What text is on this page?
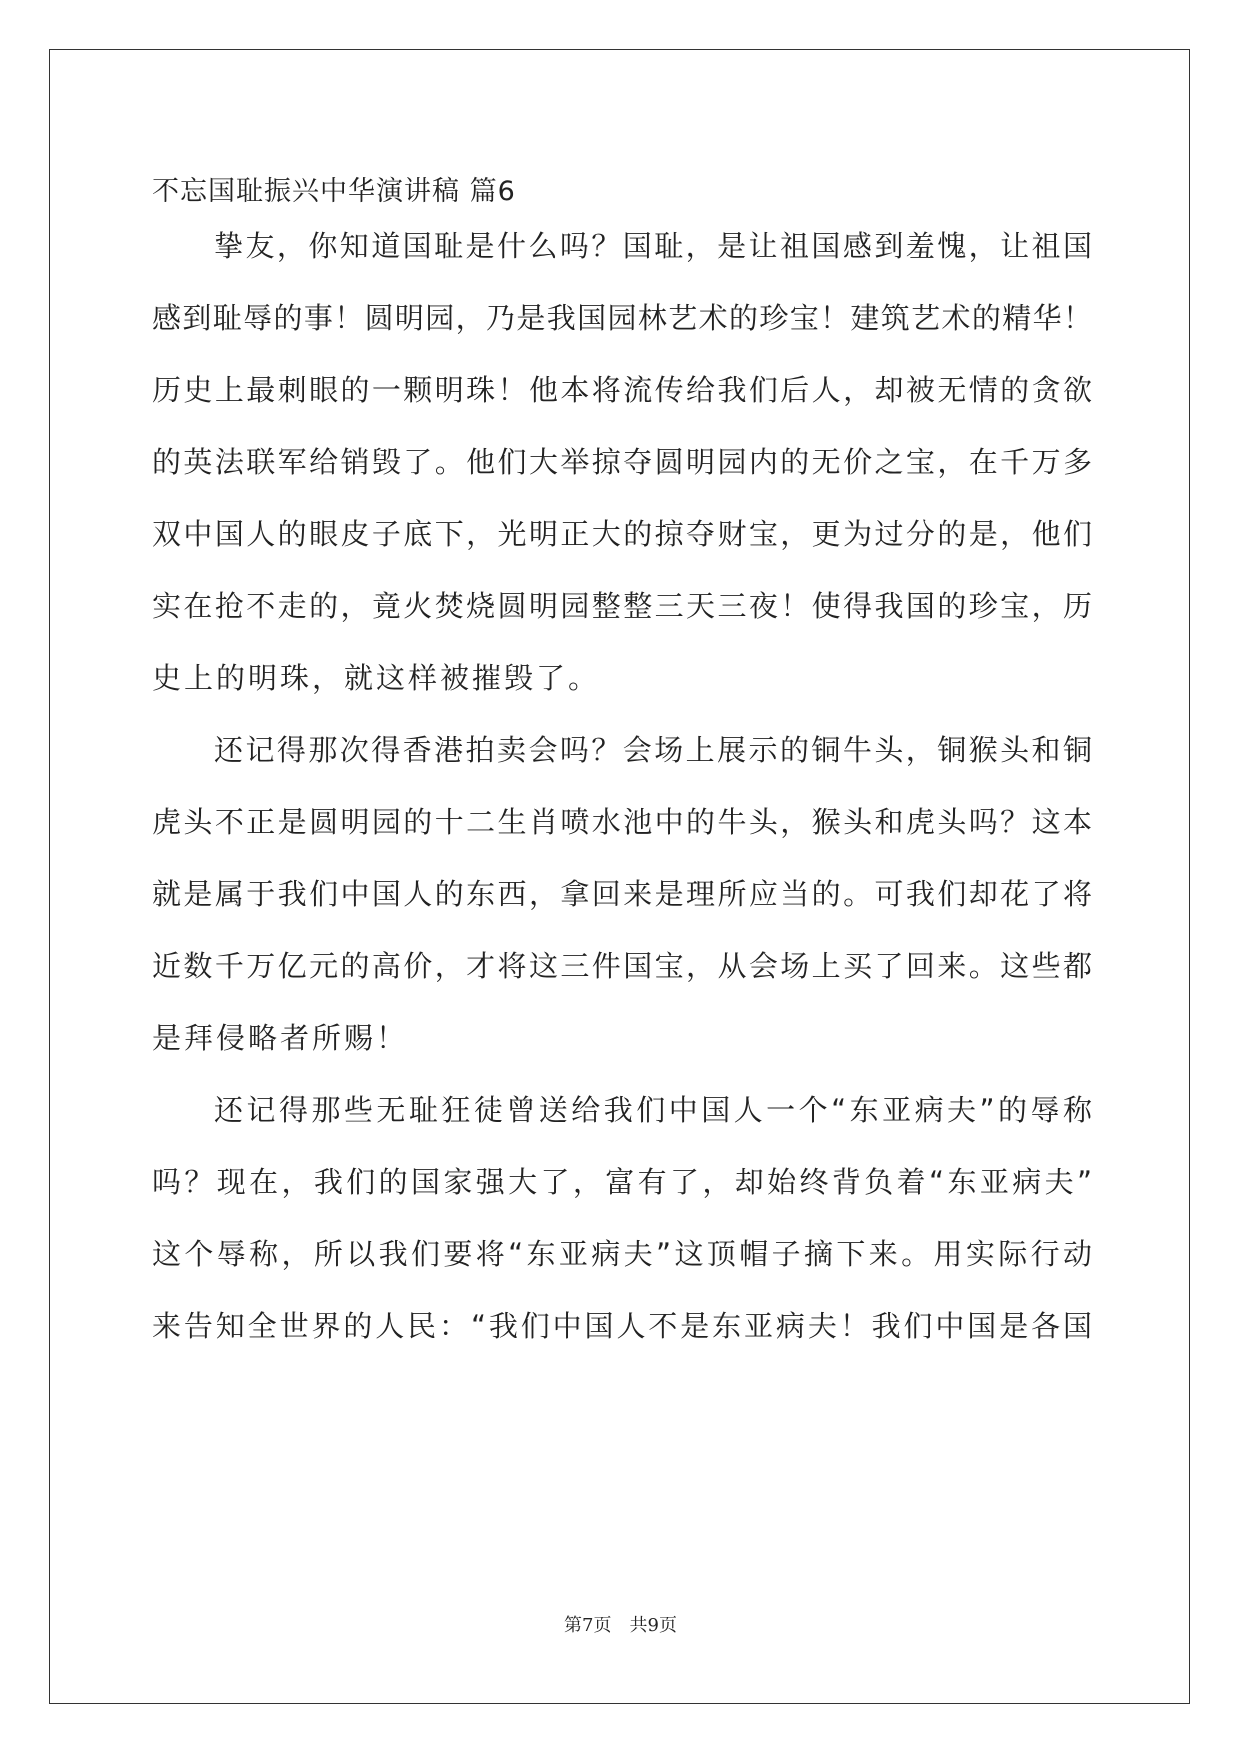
不忘国耻振兴中华演讲稿 篇6
挚友，你知道国耻是什么吗？国耻，是让祖国感到羞愧，让祖国
感到耻辱的事！圆明园，乃是我国园林艺术的珍宝！建筑艺术的精华！
历史上最刺眼的一颗明珠！他本将流传给我们后人，却被无情的贪欲
的英法联军给销毁了。他们大举掠夺圆明园内的无价之宝，在千万多
双中国人的眼皮子底下，光明正大的掠夺财宝，更为过分的是，他们
实在抢不走的，竟火焚烧圆明园整整三天三夜！使得我国的珍宝，历
史上的明珠，就这样被摧毁了。
还记得那次得香港拍卖会吗？会场上展示的铜牛头，铜猴头和铜
虎头不正是圆明园的十二生肖喷水池中的牛头，猴头和虎头吗？这本
就是属于我们中国人的东西，拿回来是理所应当的。可我们却花了将
近数千万亿元的高价，才将这三件国宝，从会场上买了回来。这些都
是拜侵略者所赐！
还记得那些无耻狂徒曾送给我们中国人一个“东亚病夫”的辱称
吗？现在，我们的国家强大了，富有了，却始终背负着“东亚病夫”
这个辱称，所以我们要将“东亚病夫”这顶帽子摘下来。用实际行动
来告知全世界的人民：“我们中国人不是东亚病夫！我们中国是各国
第7页　共9页
